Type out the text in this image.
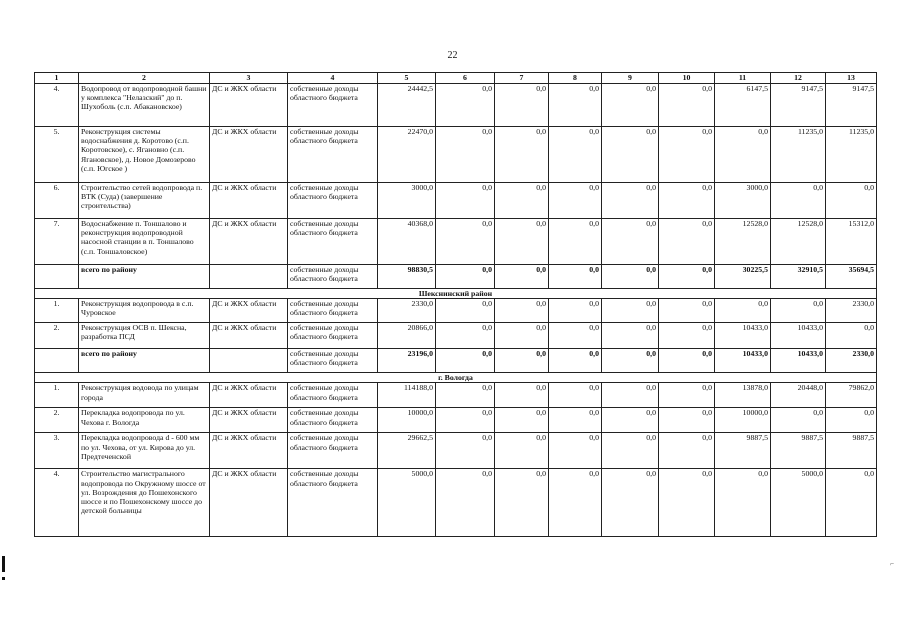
22
1	2	3	4	5	6	7	8	9	10	11	12	13
4.	Водопровод от водопроводной башни у комплекса "Нелазский" до п. Шухоболь (с.п. Абакановское)	ДС и ЖКХ области	собственные доходы областного бюджета	24442,5	0,0	0,0	0,0	0,0	0,0	6147,5	9147,5	9147,5
5.	Реконструкция системы водоснабжения д. Коротово (с.п. Коротовское), с. Ягановно (с.п. Ягановское), д. Новое Домозерово (с.п. Югское )	ДС и ЖКХ области	собственные доходы областного бюджета	22470,0	0,0	0,0	0,0	0,0	0,0	0,0	11235,0	11235,0
6.	Строительство сетей водопровода п. ВТК (Суда) (завершение строительства)	ДС и ЖКХ области	собственные доходы областного бюджета	3000,0	0,0	0,0	0,0	0,0	0,0	3000,0	0,0	0,0
7.	Водоснабжение п. Тоншалово и реконструкция водопроводной насосной станции в п. Тоншалово (с.п. Тоншаловское)	ДС и ЖКХ области	собственные доходы областного бюджета	40368,0	0,0	0,0	0,0	0,0	0,0	12528,0	12528,0	15312,0
	всего по району		собственные доходы областного бюджета	98830,5	0,0	0,0	0,0	0,0	0,0	30225,5	32910,5	35694,5
Шекснинский район												
1.	Реконструкция водопровода в с.п. Чуровское	ДС и ЖКХ области	собственные доходы областного бюджета	2330,0	0,0	0,0	0,0	0,0	0,0	0,0	0,0	2330,0
2.	Реконструкция ОСВ п. Шексна, разработка ПСД	ДС и ЖКХ области	собственные доходы областного бюджета	20866,0	0,0	0,0	0,0	0,0	0,0	10433,0	10433,0	0,0
	всего по району		собственные доходы областного бюджета	23196,0	0,0	0,0	0,0	0,0	0,0	10433,0	10433,0	2330,0
г. Вологда												
1.	Реконструкция водовода по улицам города	ДС и ЖКХ области	собственные доходы областного бюджета	114188,0	0,0	0,0	0,0	0,0	0,0	13878,0	20448,0	79862,0
2.	Перекладка водопровода по ул. Чехова г. Вологда	ДС и ЖКХ области	собственные доходы областного бюджета	10000,0	0,0	0,0	0,0	0,0	0,0	10000,0	0,0	0,0
3.	Перекладка водопровода d - 600 мм по ул. Чехова, от ул. Кирова до ул. Предтеченской	ДС и ЖКХ области	собственные доходы областного бюджета	29662,5	0,0	0,0	0,0	0,0	0,0	9887,5	9887,5	9887,5
4.	Строительство магистрального водопровода по Окружному шоссе от ул. Возрождения до Пошехонского шоссе и по Пошехонскому шоссе до детской больницы	ДС и ЖКХ области	собственные доходы областного бюджета	5000,0	0,0	0,0	0,0	0,0	0,0	0,0	5000,0	0,0
⌐
